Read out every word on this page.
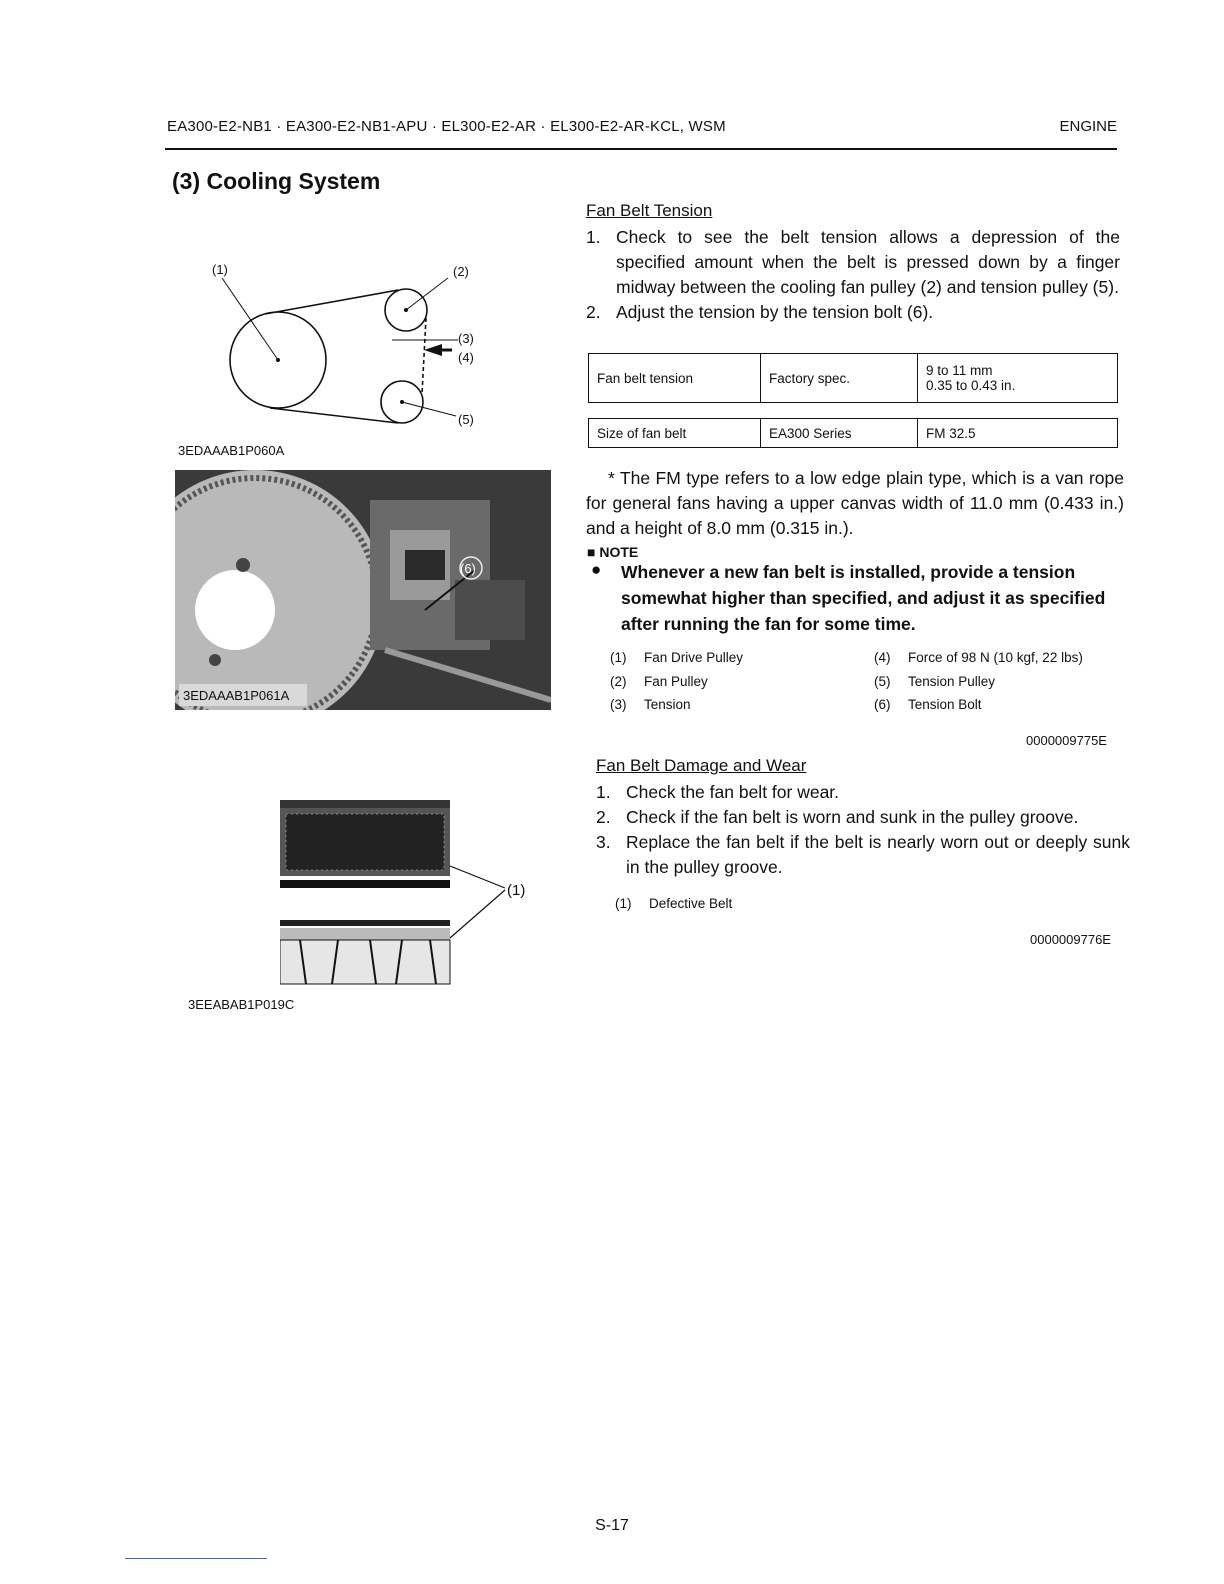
EA300-E2-NB1 · EA300-E2-NB1-APU · EL300-E2-AR · EL300-E2-AR-KCL, WSM	ENGINE
(3) Cooling System
(1)	(2)
(3)
(4)
(5)
3EDAAAB1P060A
(6)
3EDAAAB1P061A
(1)
3EEABAB1P019C
Fan Belt Tension
1. Check to see the belt tension allows a depression of the specified amount when the belt is pressed down by a finger midway between the cooling fan pulley (2) and tension pulley (5).
2. Adjust the tension by the tension bolt (6).
Fan belt tension	Factory spec.	9 to 11 mm
0.35 to 0.43 in.
Size of fan belt	EA300 Series	FM 32.5
* The FM type refers to a low edge plain type, which is a van rope for general fans having a upper canvas width of 11.0 mm (0.433 in.) and a height of 8.0 mm (0.315 in.).
■ NOTE
● Whenever a new fan belt is installed, provide a tension somewhat higher than specified, and adjust it as specified after running the fan for some time.
(1)	Fan Drive Pulley
(2)	Fan Pulley
(3)	Tension
(4)	Force of 98 N (10 kgf, 22 lbs)
(5)	Tension Pulley
(6)	Tension Bolt
0000009775E
Fan Belt Damage and Wear
1. Check the fan belt for wear.
2. Check if the fan belt is worn and sunk in the pulley groove.
3. Replace the fan belt if the belt is nearly worn out or deeply sunk in the pulley groove.
(1)	Defective Belt
0000009776E
S-17
